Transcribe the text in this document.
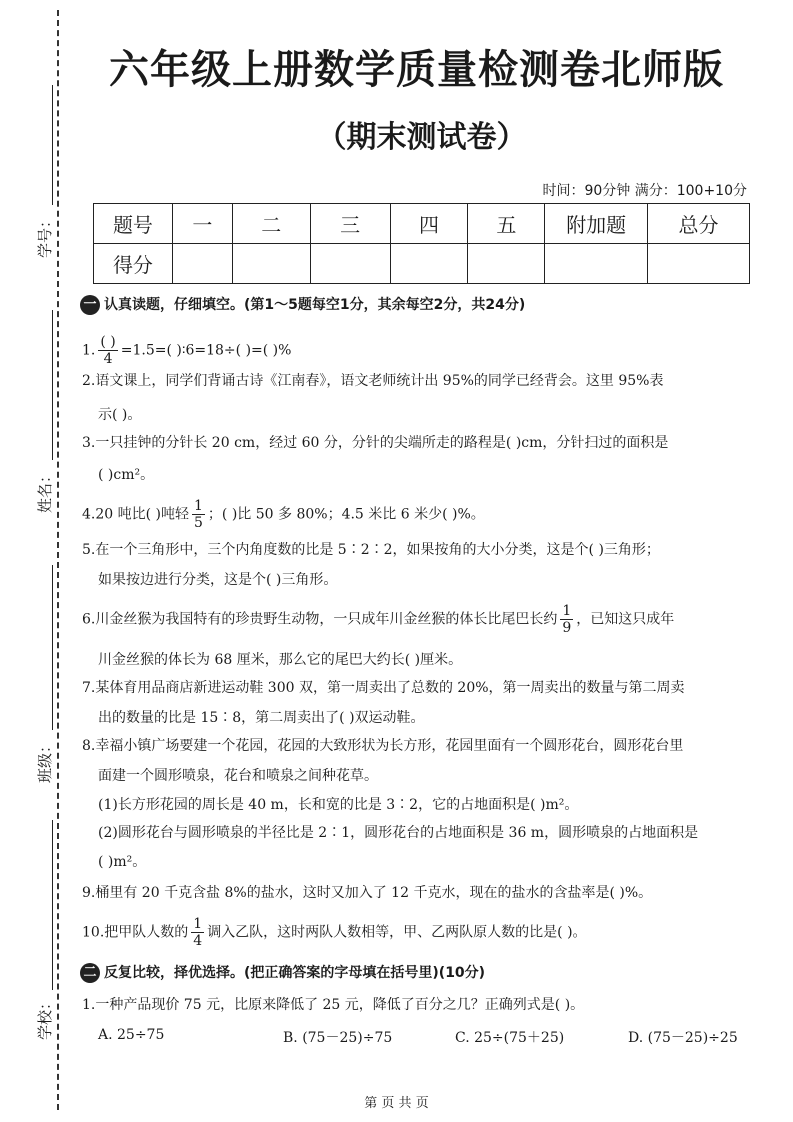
学号：
姓名：
班级：
学校：
六年级上册数学质量检测卷北师版
（期末测试卷）
时间：90分钟 满分：100+10分
题号	一	二	三	四	五	附加题	总分
得分							
一 认真读题，仔细填空。(第1～5题每空1分，其余每空2分，共24分)
1. $\frac{( )}{4} =1.5=$( )∶6=18÷( )=( )%
2.语文课上，同学们背诵古诗《江南春》，语文老师统计出 95%的同学已经背会。这里 95%表
示( )。
3.一只挂钟的分针长 20 cm，经过 60 分，分针的尖端所走的路程是( )cm，分针扫过的面积是
( )cm²。
4.20 吨比( )吨轻 $\frac{1}{5}$ ；( )比 50 多 80%；4.5 米比 6 米少( )%。
5.在一个三角形中，三个内角度数的比是 5∶2∶2，如果按角的大小分类，这是个( )三角形；
如果按边进行分类，这是个( )三角形。
6.川金丝猴为我国特有的珍贵野生动物，一只成年川金丝猴的体长比尾巴长约 $\frac{1}{9}$ ，已知这只成年
川金丝猴的体长为 68 厘米，那么它的尾巴大约长( )厘米。
7.某体育用品商店新进运动鞋 300 双，第一周卖出了总数的 20%，第一周卖出的数量与第二周卖
出的数量的比是 15∶8，第二周卖出了( )双运动鞋。
8.幸福小镇广场要建一个花园，花园的大致形状为长方形，花园里面有一个圆形花台，圆形花台里
面建一个圆形喷泉，花台和喷泉之间种花草。
(1)长方形花园的周长是 40 m，长和宽的比是 3∶2，它的占地面积是( )m²。
(2)圆形花台与圆形喷泉的半径比是 2∶1，圆形花台的占地面积是 36 m，圆形喷泉的占地面积是
( )m²。
9.桶里有 20 千克含盐 8%的盐水，这时又加入了 12 千克水，现在的盐水的含盐率是( )%。
10.把甲队人数的 $\frac{1}{4}$ 调入乙队，这时两队人数相等，甲、乙两队原人数的比是( )。
二 反复比较，择优选择。(把正确答案的字母填在括号里)(10分)
1.一种产品现价 75 元，比原来降低了 25 元，降低了百分之几？正确列式是( )。
A. 25÷75	B. (75－25)÷75	C. 25÷(75＋25)	D. (75－25)÷25
第 页 共 页
